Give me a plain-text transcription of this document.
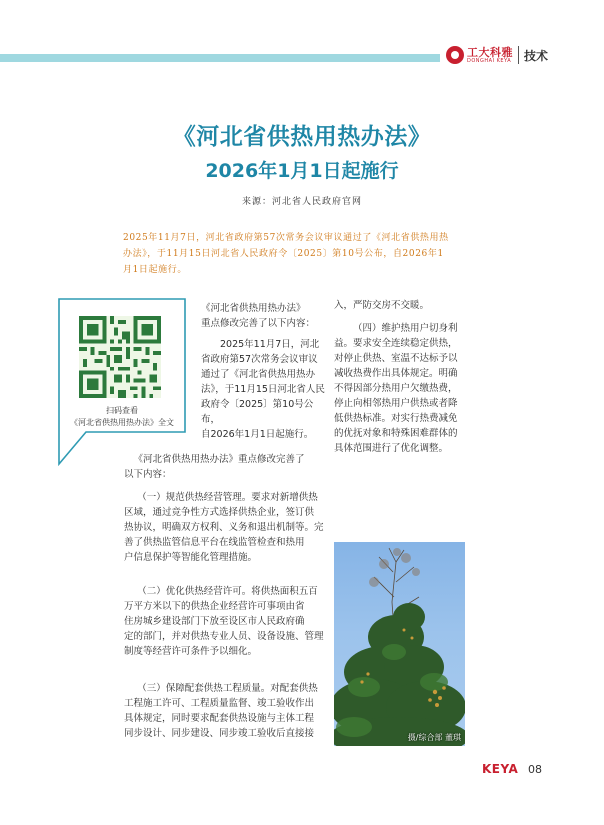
工大科雅
DONGHAI KEYA 技术
《河北省供热用热办法》
2026年1月1日起施行
来源：河北省人民政府官网
2025年11月7日，河北省政府第57次常务会议审议通过了《河北省供热用热办法》，于11月15日河北省人民政府令〔2025〕第10号公布，自2026年1月1日起施行。
扫码查看
《河北省供热用热办法》全文
《河北省供热用热办法》
重点修改完善了以下内容：
2025年11月7日，河北
省政府第57次常务会议审议
通过了《河北省供热用热办
法》，于11月15日河北省人民
政府令〔2025〕第10号公布，
自2026年1月1日起施行。
《河北省供热用热办法》重点修改完善了
以下内容：
（一）规范供热经营管理。要求对新增供热
区域，通过竞争性方式选择供热企业，签订供
热协议，明确双方权利、义务和退出机制等。完
善了供热监管信息平台在线监管检查和热用
户信息保护等智能化管理措施。
（二）优化供热经营许可。将供热面积五百
万平方米以下的供热企业经营许可事项由省
住房城乡建设部门下放至设区市人民政府确
定的部门，并对供热专业人员、设备设施、管理
制度等经营许可条件予以细化。
（三）保障配套供热工程质量。对配套供热
工程施工许可、工程质量监督、竣工验收作出
具体规定，同时要求配套供热设施与主体工程
同步设计、同步建设、同步竣工验收后直接接

入，严防交房不交暖。

（四）维护热用户切身利益。要求安全连续稳定供热，对停止供热、室温不达标予以减收热费作出具体规定。明确不得因部分热用户欠缴热费，停止向相邻热用户供热或者降低供热标准。对实行热费减免的优抚对象和特殊困难群体的具体范围进行了优化调整。

摄/综合部 董琪
KEYA 08
